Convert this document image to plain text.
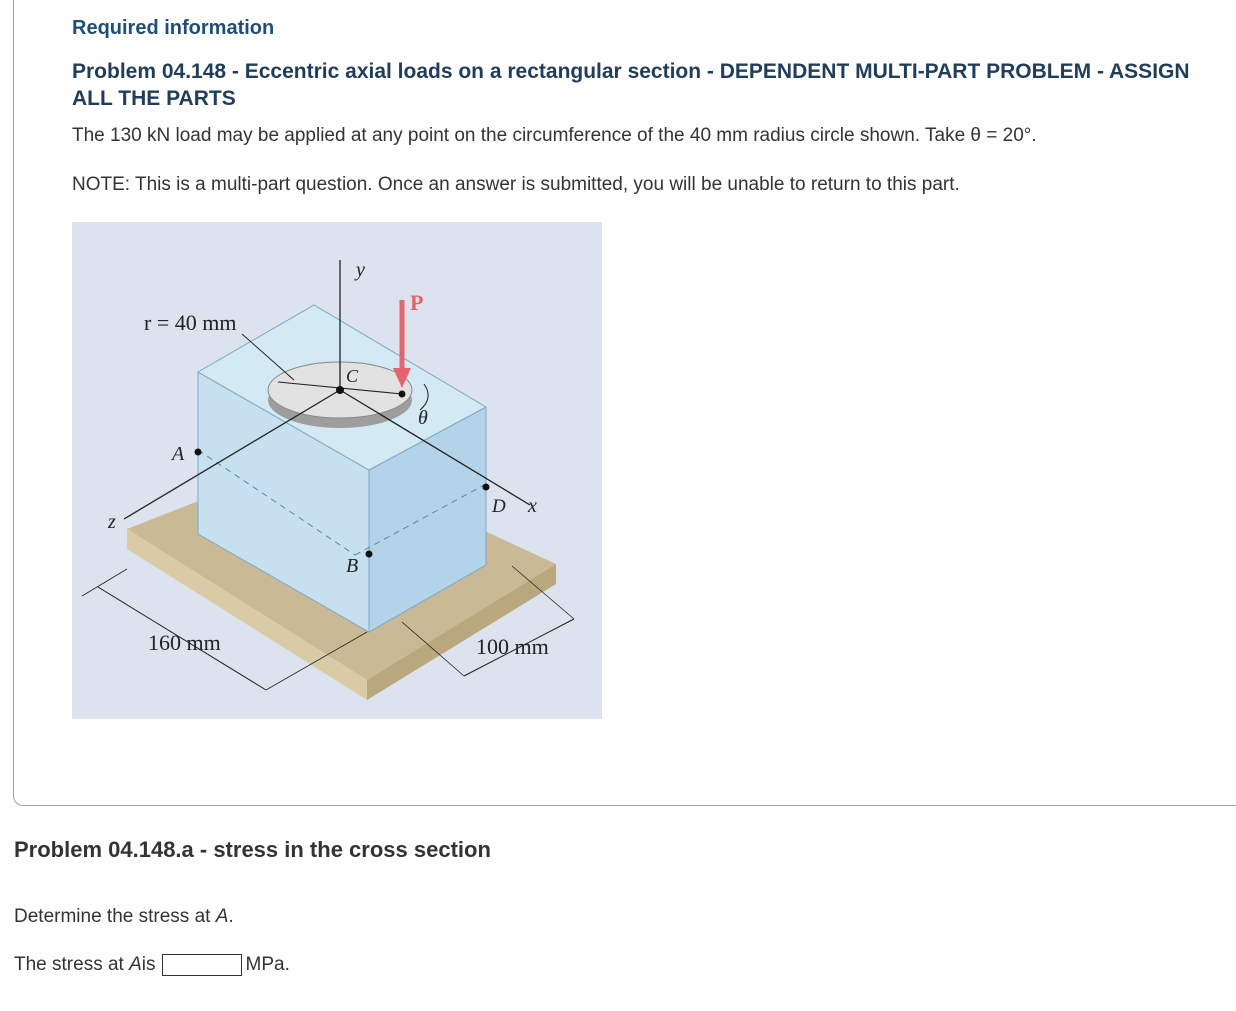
Required information
Problem 04.148 - Eccentric axial loads on a rectangular section - DEPENDENT MULTI-PART PROBLEM - ASSIGN ALL THE PARTS
The 130 kN load may be applied at any point on the circumference of the 40 mm radius circle shown. Take θ = 20°.
NOTE: This is a multi-part question. Once an answer is submitted, you will be unable to return to this part.
r = 40 mm
y
P
C
θ
A
D x
z
B
160 mm	100 mm
Problem 04.148.a - stress in the cross section
Determine the stress at A.
The stress at
A is	MPa.
